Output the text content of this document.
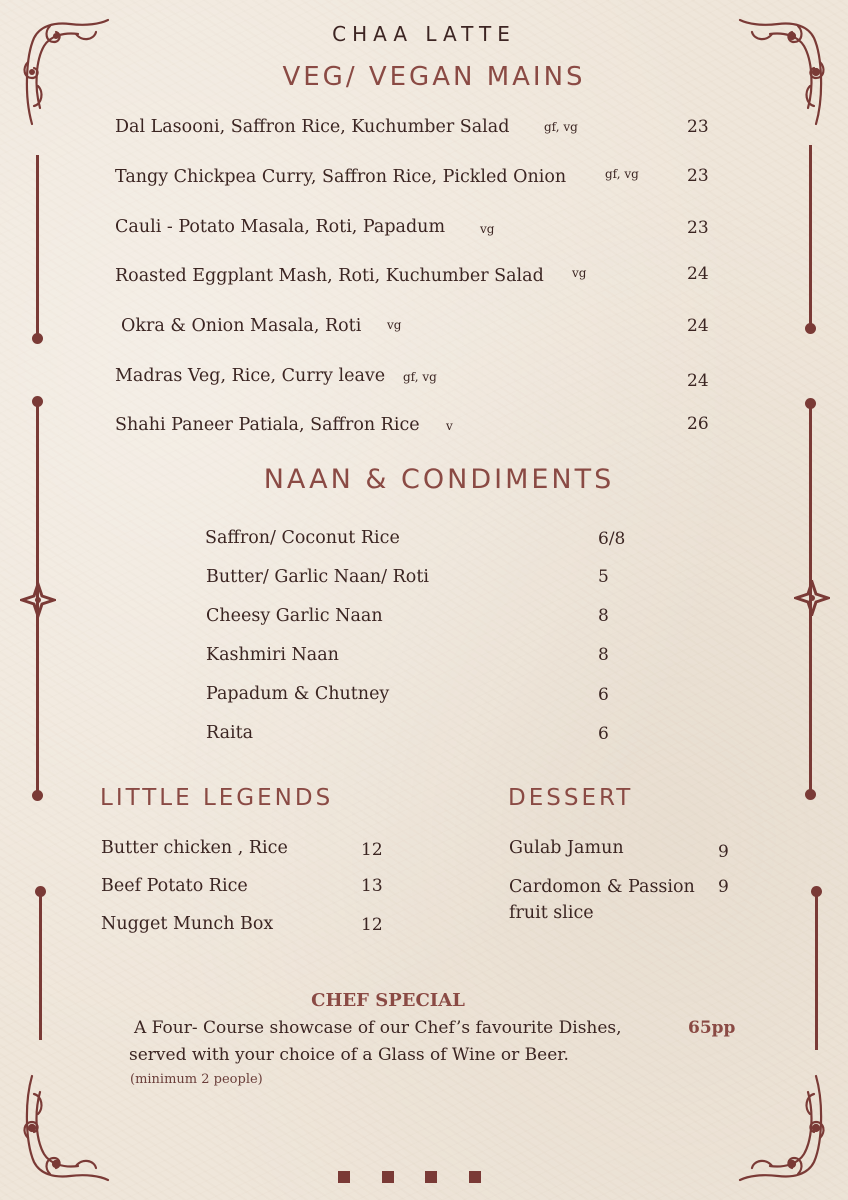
CHAA LATTE
VEG/ VEGAN MAINS
Dal Lasooni, Saffron Rice, Kuchumber Salad	gf, vg	23
Tangy Chickpea Curry, Saffron Rice, Pickled Onion	gf, vg	23
Cauli - Potato Masala, Roti, Papadum	vg	23
Roasted Eggplant Mash, Roti, Kuchumber Salad vg	24
Okra & Onion Masala, Roti vg	24
Madras Veg, Rice, Curry leave gf, vg	24
Shahi Paneer Patiala, Saffron Rice v	26
NAAN & CONDIMENTS
Saffron/ Coconut Rice	6/8
Butter/ Garlic Naan/ Roti	5
Cheesy Garlic Naan	8
Kashmiri Naan	8
Papadum & Chutney	6
Raita	6
LITTLE LEGENDS
Butter chicken , Rice	12
Beef Potato Rice	13
Nugget Munch Box	12
DESSERT
Gulab Jamun	9
Cardomon & Passion
fruit slice
9
CHEF SPECIAL
A Four- Course showcase of our Chef’s favourite Dishes,
served with your choice of a Glass of Wine or Beer.
(minimum 2 people)
65pp
